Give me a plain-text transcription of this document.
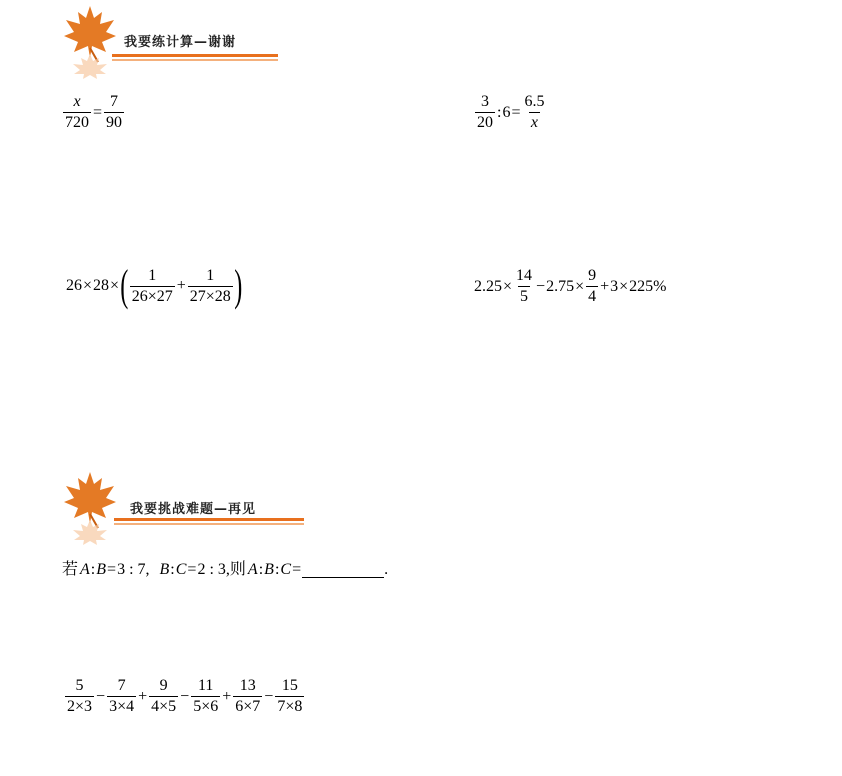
我要练计算—谢谢
$\frac{x}{720} = \frac{7}{90}$	$\frac{3}{20}$ : $6 = \frac{6.5}{x}$
26 × 28 × ( $\frac{1}{26\times 27} + \frac{1}{27\times 28}$ )	$2.25 \times \frac{14}{5} - 2.75 \times \frac{9}{4} + 3 \times 225\%$
我要挑战难题—再见
若 A : B = 3 : 7, B : C = 2 : 3, 则 A : B : C =	.
$\frac{5}{2\times 3} - \frac{7}{3\times 4} + \frac{9}{4\times 5} - \frac{11}{5\times 6} + \frac{13}{6\times 7} - \frac{15}{7\times 8}$
